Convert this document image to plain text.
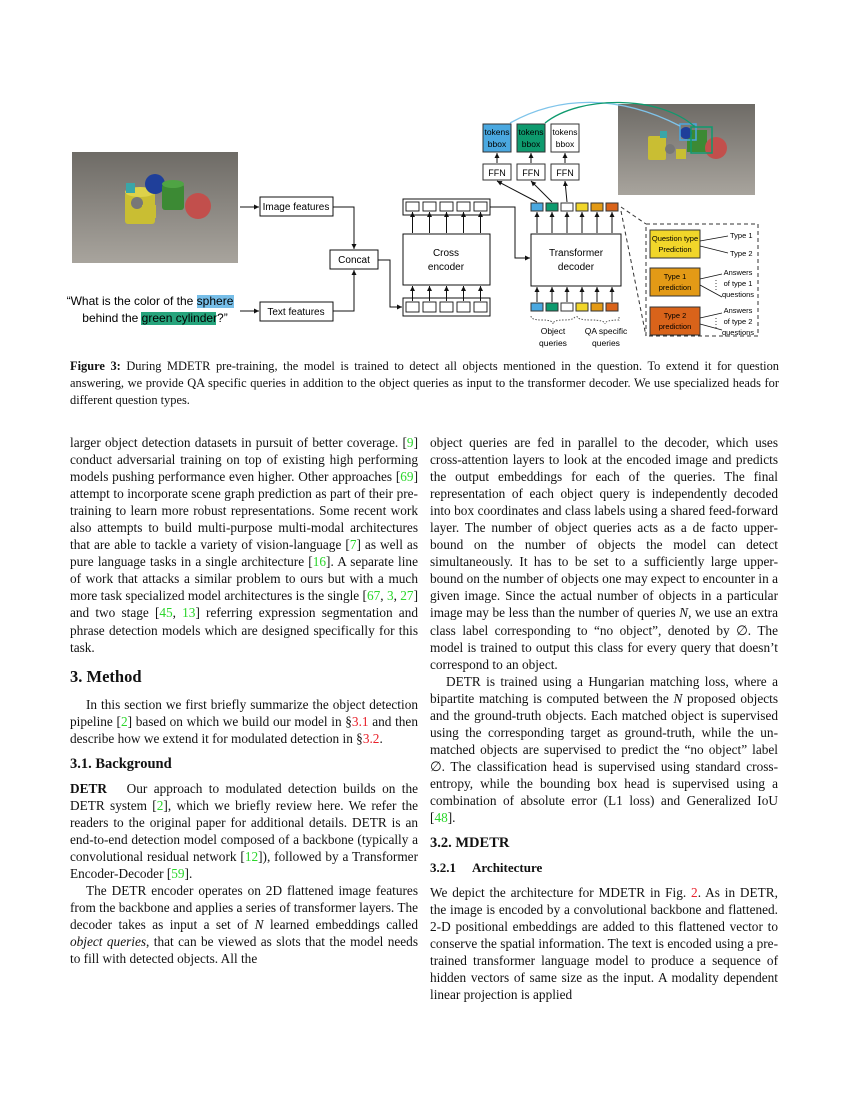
“What is the color of the sphere
behind the green cylinder?”
Image features
Text features
Concat
Cross
encoder
Transformer
decoder
tokens
bbox
FFN
tokens
bbox
FFN
tokens
bbox
FFN
Object
queries
QA specific
queries
Question type
Prediction
Type 1
prediction
Type 2
prediction
Type 1
Type 2
Answers
of type 1
questions
Answers
of type 2
questions
Figure 3: During MDETR pre-training, the model is trained to detect all objects mentioned in the question. To extend it for question answering, we provide QA specific queries in addition to the object queries as input to the transformer decoder. We use specialized heads for different question types.

larger object detection datasets in pursuit of better coverage. [9] conduct adversarial training on top of existing high performing models pushing performance even higher. Other approaches [69] attempt to incorporate scene graph prediction as part of their pre-training to learn more robust representations. Some recent work also attempts to build multi-purpose multi-modal architectures that are able to tackle a variety of vision-language [7] as well as pure language tasks in a single architecture [16]. A separate line of work that attacks a similar problem to ours but with a much more task specialized model architectures is the single [67, 3, 27] and two stage [45, 13] referring expression segmentation and phrase detection models which are designed specifically for this task.

3. Method

In this section we first briefly summarize the object detection pipeline [2] based on which we build our model in §3.1 and then describe how we extend it for modulated detection in §3.2.

3.1. Background

DETR  Our approach to modulated detection builds on the DETR system [2], which we briefly review here. We refer the readers to the original paper for additional details. DETR is an end-to-end detection model composed of a backbone (typically a convolutional residual network [12]), followed by a Transformer Encoder-Decoder [59].

The DETR encoder operates on 2D flattened image features from the backbone and applies a series of transformer layers. The decoder takes as input a set of N learned embeddings called object queries, that can be viewed as slots that the model needs to fill with detected objects. All the

object queries are fed in parallel to the decoder, which uses cross-attention layers to look at the encoded image and predicts the output embeddings for each of the queries. The final representation of each object query is independently decoded into box coordinates and class labels using a shared feed-forward layer. The number of object queries acts as a de facto upper-bound on the number of objects the model can detect simultaneously. It has to be set to a sufficiently large upper-bound on the number of objects one may expect to encounter in a given image. Since the actual number of objects in a particular image may be less than the number of queries N, we use an extra class label corresponding to “no object”, denoted by ∅. The model is trained to output this class for every query that doesn’t correspond to an object.

DETR is trained using a Hungarian matching loss, where a bipartite matching is computed between the N proposed objects and the ground-truth objects. Each matched object is supervised using the corresponding target as ground-truth, while the un-matched objects are supervised to predict the “no object” label ∅. The classification head is supervised using standard cross-entropy, while the bounding box head is supervised using a combination of absolute error (L1 loss) and Generalized IoU [48].

3.2. MDETR
3.2.1 Architecture

We depict the architecture for MDETR in Fig. 2. As in DETR, the image is encoded by a convolutional backbone and flattened. 2-D positional embeddings are added to this flattened vector to conserve the spatial information. The text is encoded using a pre-trained transformer language model to produce a sequence of hidden vectors of same size as the input. A modality dependent linear projection is applied
